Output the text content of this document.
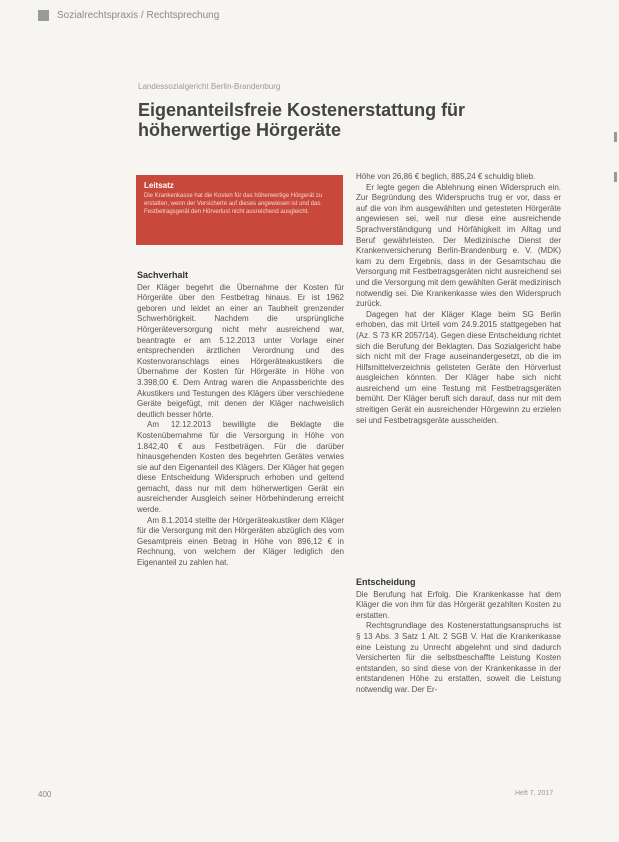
Sozialrechtspraxis / Rechtsprechung
Landessozialgericht Berlin-Brandenburg
Eigenanteilsfreie Kostenerstattung für höherwertige Hörgeräte
Leitsatz
Die Krankenkasse hat die Kosten für das höherwertige Hörgerät zu erstatten, wenn der Versicherte auf dieses angewiesen ist und das Festbetragsgerät den Hörverlust nicht ausreichend ausgleicht.
Sachverhalt

Der Kläger begehrt die Übernahme der Kosten für Hörgeräte über den Festbetrag hinaus. Er ist 1962 geboren und leidet an einer an Taubheit grenzender Schwerhörigkeit. Nachdem die ursprüngliche Hörgeräteversorgung nicht mehr ausreichend war, beantragte er am 5.12.2013 unter Vorlage einer entsprechenden ärztlichen Verordnung und des Kostenvoranschlags eines Hörgeräteakustikers die Übernahme der Kosten für Hörgeräte in Höhe von 3.398,00 €. Dem Antrag waren die Anpassberichte des Akustikers und Testungen des Klägers über verschiedene Geräte beigefügt, mit denen der Kläger nachweislich deutlich besser hörte.

Am 12.12.2013 bewilligte die Beklagte die Kostenübernahme für die Versorgung in Höhe von 1.842,40 € aus Festbeträgen. Für die darüber hinausgehenden Kosten des begehrten Gerätes verwies sie auf den Eigenanteil des Klägers. Der Kläger hat gegen diese Entscheidung Widerspruch erhoben und geltend gemacht, dass nur mit dem höherwertigen Gerät ein ausreichender Ausgleich seiner Hörbehinderung erreicht werde.

Am 8.1.2014 stellte der Hörgeräteakustiker dem Kläger für die Versorgung mit den Hörgeräten abzüglich des vom Gesamtpreis einen Betrag in Höhe von 896,12 € in Rechnung, von welchem der Kläger lediglich den Eigenanteil zu zahlen hat.

Höhe von 26,86 € beglich, 885,24 € schuldig blieb.

Er legte gegen die Ablehnung einen Widerspruch ein. Zur Begründung des Widerspruchs trug er vor, dass er auf die von ihm ausgewählten und getesteten Hörgeräte angewiesen sei, weil nur diese eine ausreichende Sprachverständigung und Hörfähigkeit im Alltag und Beruf gewährleisten. Der Medizinische Dienst der Krankenversicherung Berlin-Brandenburg e. V. (MDK) kam zu dem Ergebnis, dass in der Gesamtschau die Versorgung mit Festbetragsgeräten nicht ausreichend sei und die Versorgung mit dem gewählten Gerät medizinisch notwendig sei. Die Krankenkasse wies den Widerspruch zurück.

Dagegen hat der Kläger Klage beim SG Berlin erhoben, das mit Urteil vom 24.9.2015 stattgegeben hat (Az. S 73 KR 2057/14). Gegen diese Entscheidung richtet sich die Berufung der Beklagten. Das Sozialgericht habe sich nicht mit der Frage auseinandergesetzt, ob die im Hilfsmittelverzeichnis gelisteten Geräte den Hörverlust ausgleichen könnten. Der Kläger habe sich nicht ausreichend um eine Testung mit Festbetragsgeräten bemüht. Der Kläger beruft sich darauf, dass nur mit dem streitigen Gerät ein ausreichender Hörgewinn zu erzielen sei und Festbetragsgeräte ausscheiden.

Entscheidung

Die Berufung hat Erfolg. Die Krankenkasse hat dem Kläger die von ihm für das Hörgerät gezahlten Kosten zu erstatten.

Rechtsgrundlage des Kostenerstattungsanspruchs ist § 13 Abs. 3 Satz 1 Alt. 2 SGB V. Hat die Krankenkasse eine Leistung zu Unrecht abgelehnt und sind dadurch Versicherten für die selbstbeschaffte Leistung Kosten entstanden, so sind diese von der Krankenkasse in der entstandenen Höhe zu erstatten, soweit die Leistung notwendig war. Der Er-

400	Heft 7, 2017
